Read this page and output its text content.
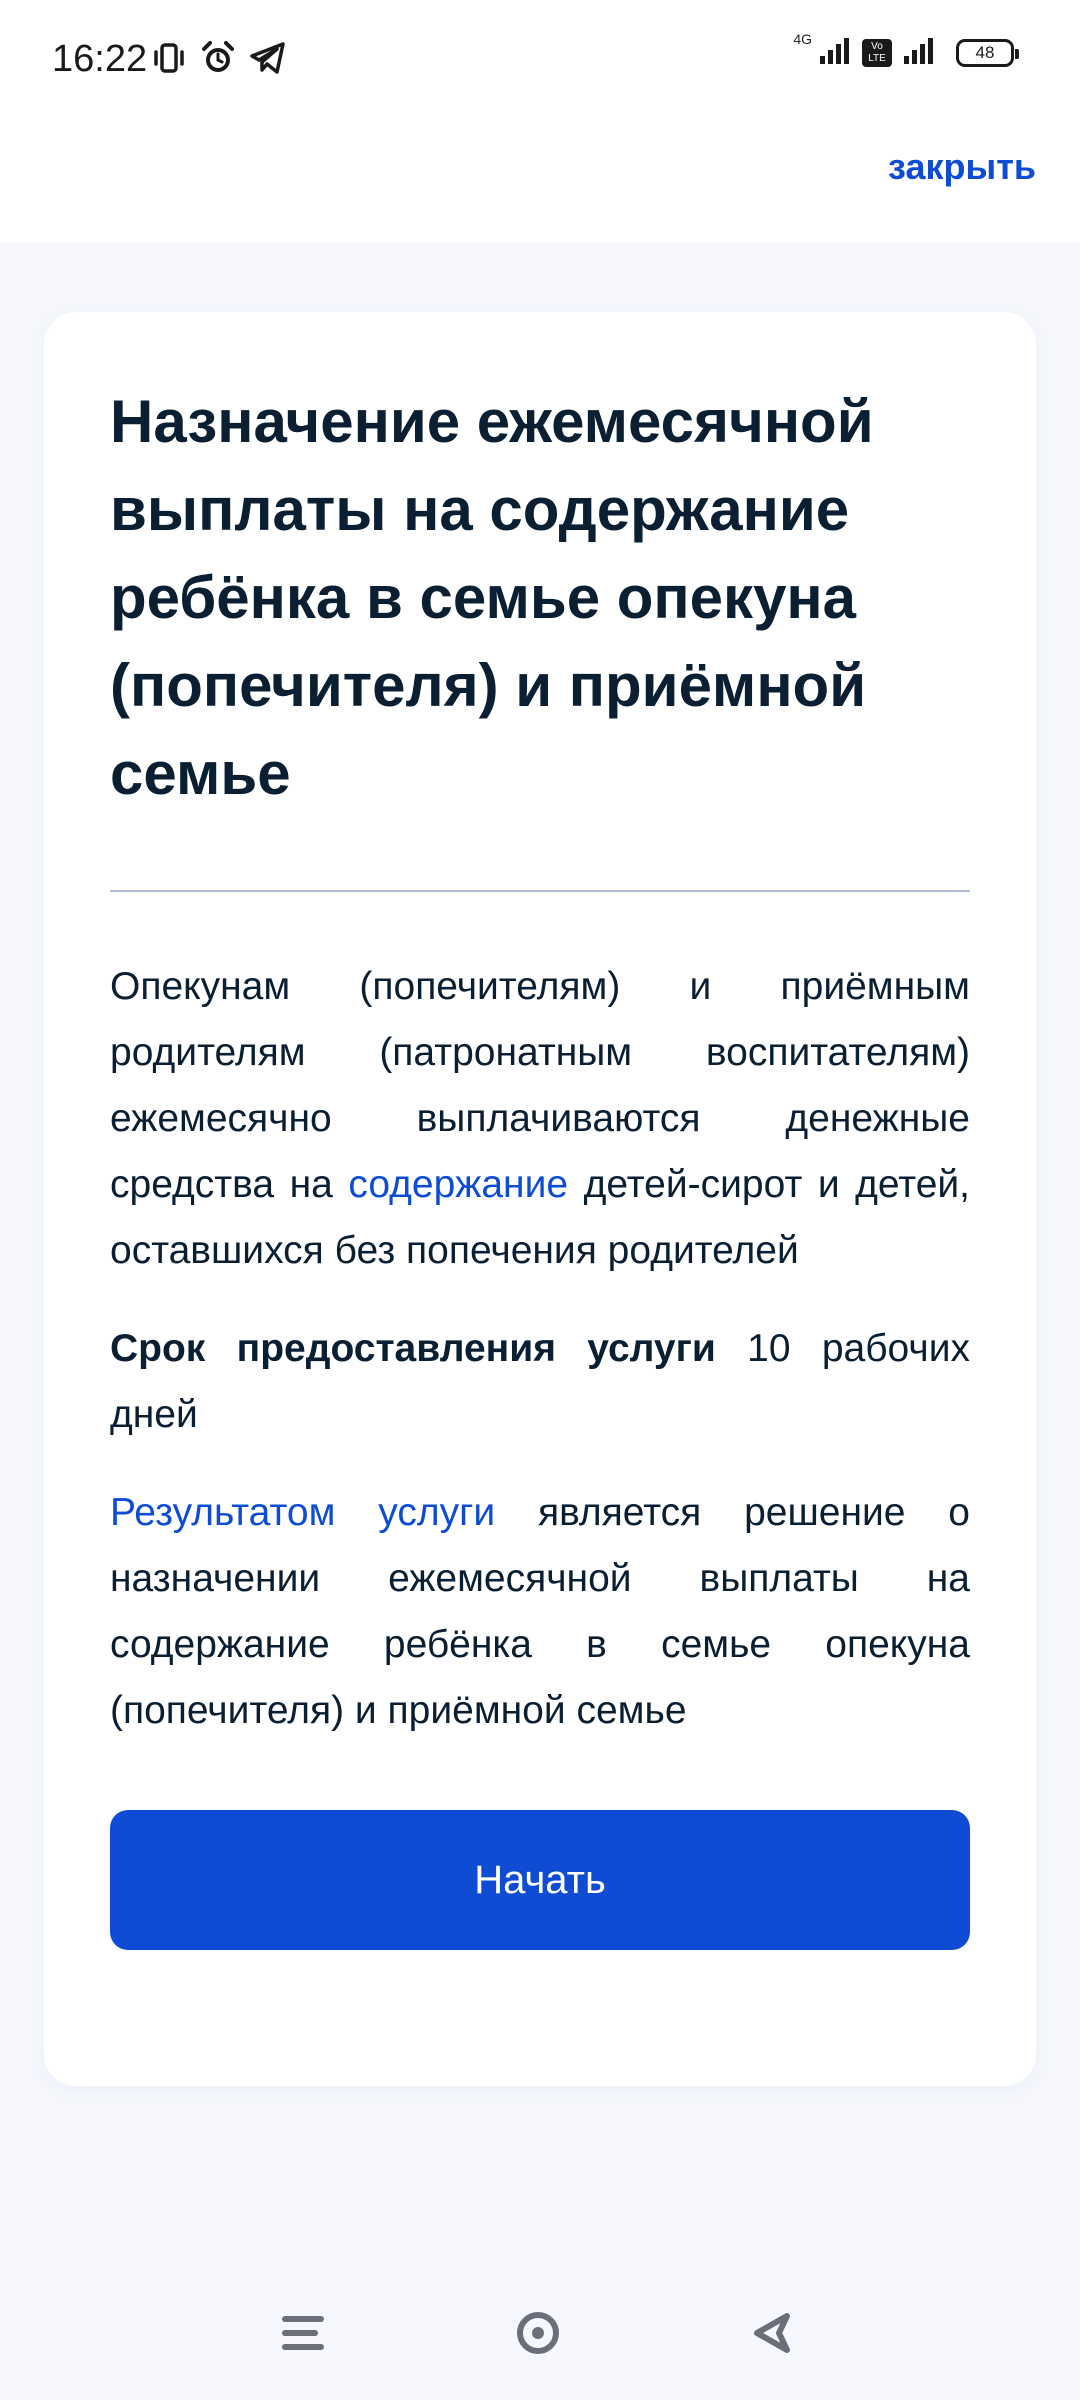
16:22	4G	Vo
LTE	48
закрыть
Назначение ежемесячной выплаты на содержание ребёнка в семье опекуна (попечителя) и приёмной семье

Опекунам (попечителям) и приёмным родителям (патронатным воспитателям) ежемесячно выплачиваются денежные средства на содержание детей-сирот и детей, оставшихся без попечения родителей

Срок предоставления услуги 10 рабочих дней

Результатом услуги является решение о назначении ежемесячной выплаты на содержание ребёнка в семье опекуна (попечителя) и приёмной семье

Начать
